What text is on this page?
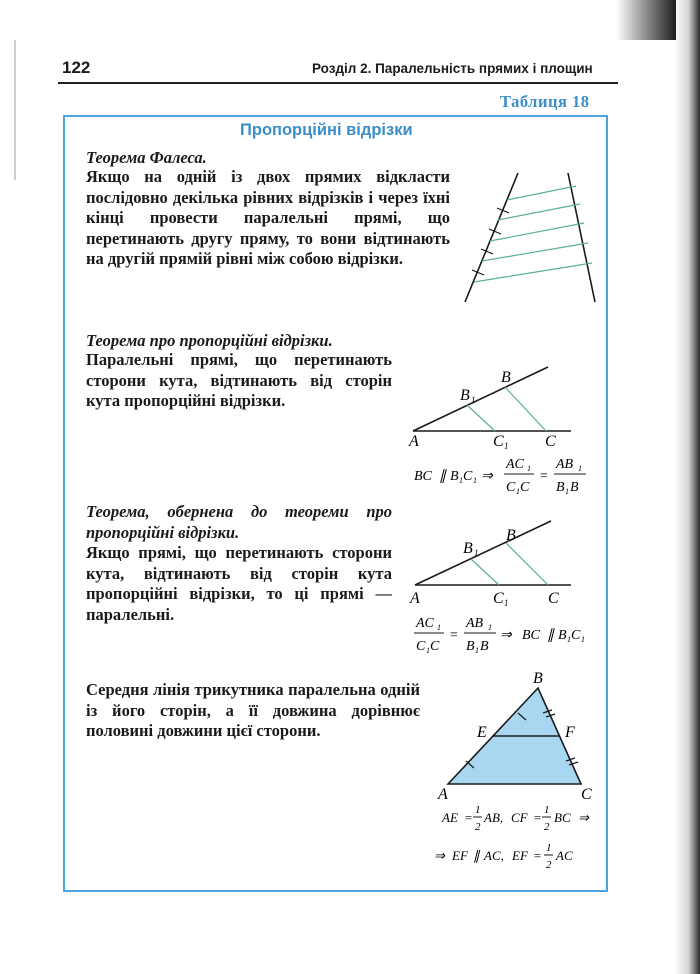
122	Розділ 2. Паралельність прямих і площин
Таблиця 18
Пропорційні відрізки
Теорема Фалеса.
Якщо на одній із двох прямих відкласти послідовно декілька рівних відрізків і через їхні кінці провести паралельні прямі, що перетинають другу пряму, то вони відтинають на другій прямій рівні між собою відрізки.
Теорема про пропорційні відрізки.
Паралельні прямі, що перетинають сторони кута, відтинають від сторін кута пропорційні відрізки.
Теорема, обернена до теореми про пропорційні відрізки.
Якщо прямі, що перетинають сторони кута, відтинають від сторін кута пропорційні відрізки, то ці прямі — паралельні.
Середня лінія трикутника паралельна одній із його сторін, а її довжина дорівнює половині довжини цієї сторони.
A
B 1
B
C 1 C
BC ∥ B 1 C 1 ⇒
AC 1
C 1 C
=
AB 1
B 1 B
A
B 1
B
C 1 C
AC 1
C 1 C
=
AB 1
B 1 B
⇒ BC ∥ B 1 C 1
B
E	F
A	C
AE = 1
2
AB, CF = 1
2
BC ⇒
⇒ EF ∥ AC, EF = 1
2
AC
